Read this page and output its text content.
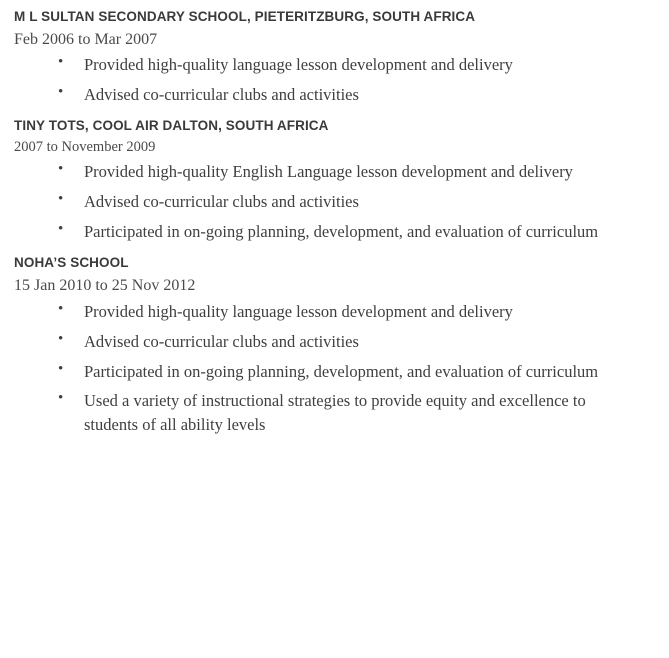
M L SULTAN SECONDARY SCHOOL, PIETERITZBURG, SOUTH AFRICA
Feb 2006 to Mar 2007
• Provided high-quality language lesson development and delivery
• Advised co-curricular clubs and activities
TINY TOTS, COOL AIR DALTON, SOUTH AFRICA
2007 to November 2009
• Provided high-quality English Language lesson development and delivery
• Advised co-curricular clubs and activities
• Participated in on-going planning, development, and evaluation of curriculum
NOHA’S SCHOOL
15 Jan 2010 to 25 Nov 2012
• Provided high-quality language lesson development and delivery
• Advised co-curricular clubs and activities
• Participated in on-going planning, development, and evaluation of curriculum
• Used a variety of instructional strategies to provide equity and excellence to students of all ability levels
